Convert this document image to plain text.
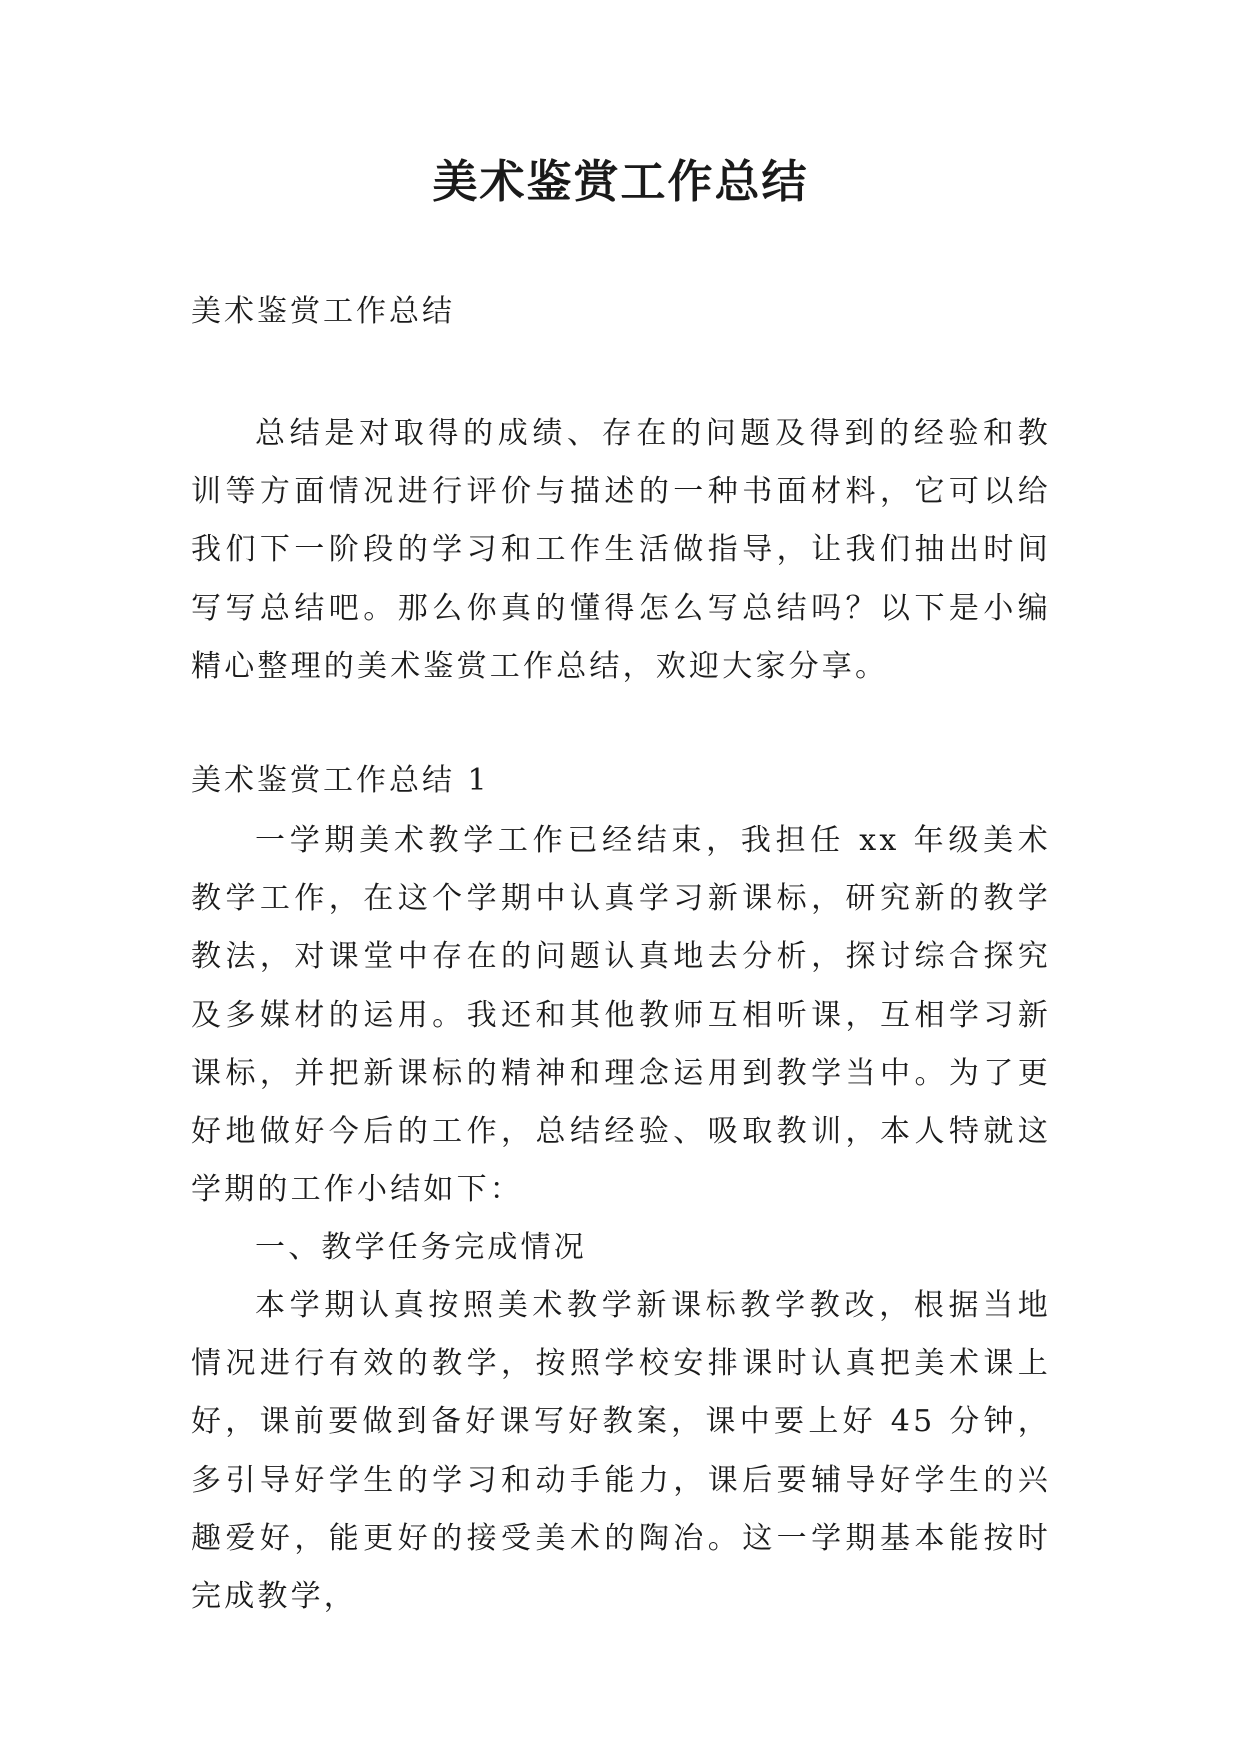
美术鉴赏工作总结

美术鉴赏工作总结

总结是对取得的成绩、存在的问题及得到的经验和教训等方面情况进行评价与描述的一种书面材料，它可以给我们下一阶段的学习和工作生活做指导，让我们抽出时间写写总结吧。那么你真的懂得怎么写总结吗？以下是小编精心整理的美术鉴赏工作总结，欢迎大家分享。

美术鉴赏工作总结 1

一学期美术教学工作已经结束，我担任 xx 年级美术教学工作，在这个学期中认真学习新课标，研究新的教学教法，对课堂中存在的问题认真地去分析，探讨综合探究及多媒材的运用。我还和其他教师互相听课，互相学习新课标，并把新课标的精神和理念运用到教学当中。为了更好地做好今后的工作，总结经验、吸取教训，本人特就这学期的工作小结如下：

一、教学任务完成情况

本学期认真按照美术教学新课标教学教改，根据当地情况进行有效的教学，按照学校安排课时认真把美术课上好，课前要做到备好课写好教案，课中要上好 45 分钟，多引导好学生的学习和动手能力，课后要辅导好学生的兴趣爱好，能更好的接受美术的陶冶。这一学期基本能按时完成教学，
